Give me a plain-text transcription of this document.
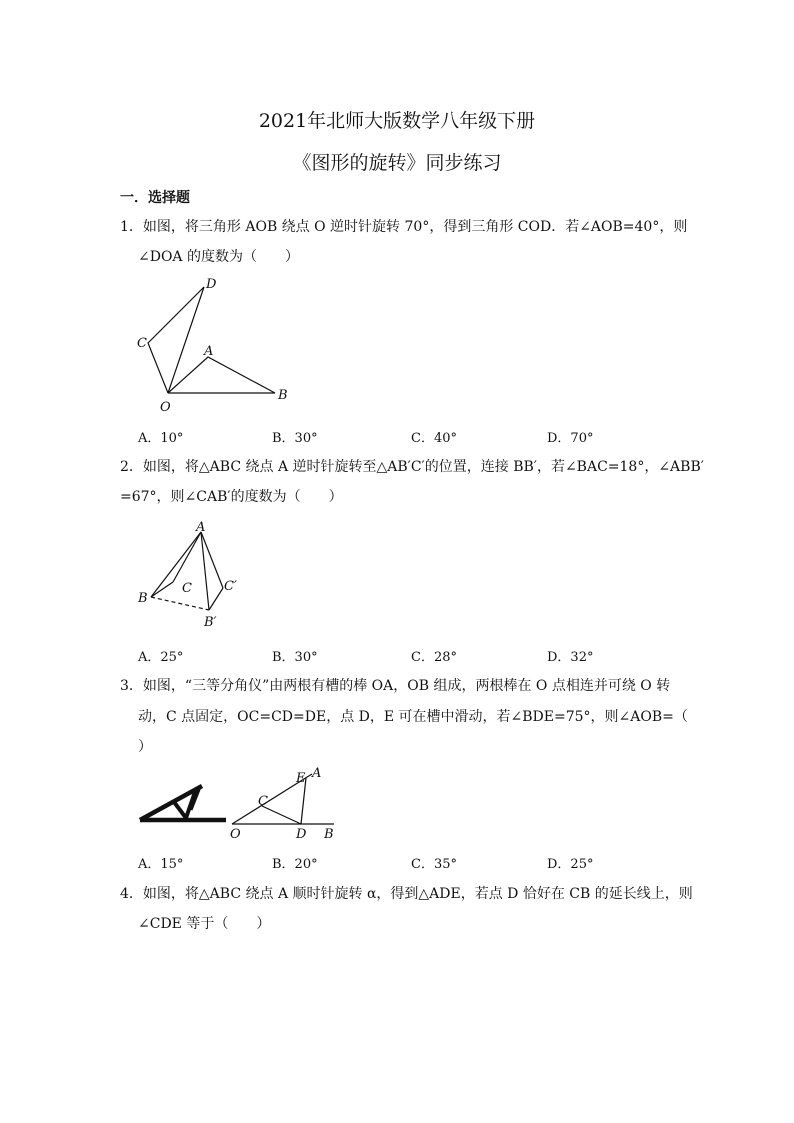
2021年北师大版数学八年级下册
《图形的旋转》同步练习
一．选择题
1．如图，将三角形 AOB 绕点 O 逆时针旋转 70°，得到三角形 COD．若∠AOB=40°，则
∠DOA 的度数为（　　）
D
C
A
O
B
A．10°	B．30°	C．40°	D．70°
2．如图，将△ABC 绕点 A 逆时针旋转至△AB′C′的位置，连接 BB′，若∠BAC=18°，∠ABB′
=67°，则∠CAB′的度数为（　　）
A
B
C C′
B′
A．25°	B．30°	C．28°	D．32°
3．如图，“三等分角仪”由两根有槽的棒 OA，OB 组成，两根棒在 O 点相连并可绕 O 转
动，C 点固定，OC=CD=DE，点 D，E 可在槽中滑动，若∠BDE=75°，则∠AOB=（
）
E A
C
O	D B
A．15°	B．20°	C．35°	D．25°
4．如图，将△ABC 绕点 A 顺时针旋转 α，得到△ADE，若点 D 恰好在 CB 的延长线上，则
∠CDE 等于（　　）
